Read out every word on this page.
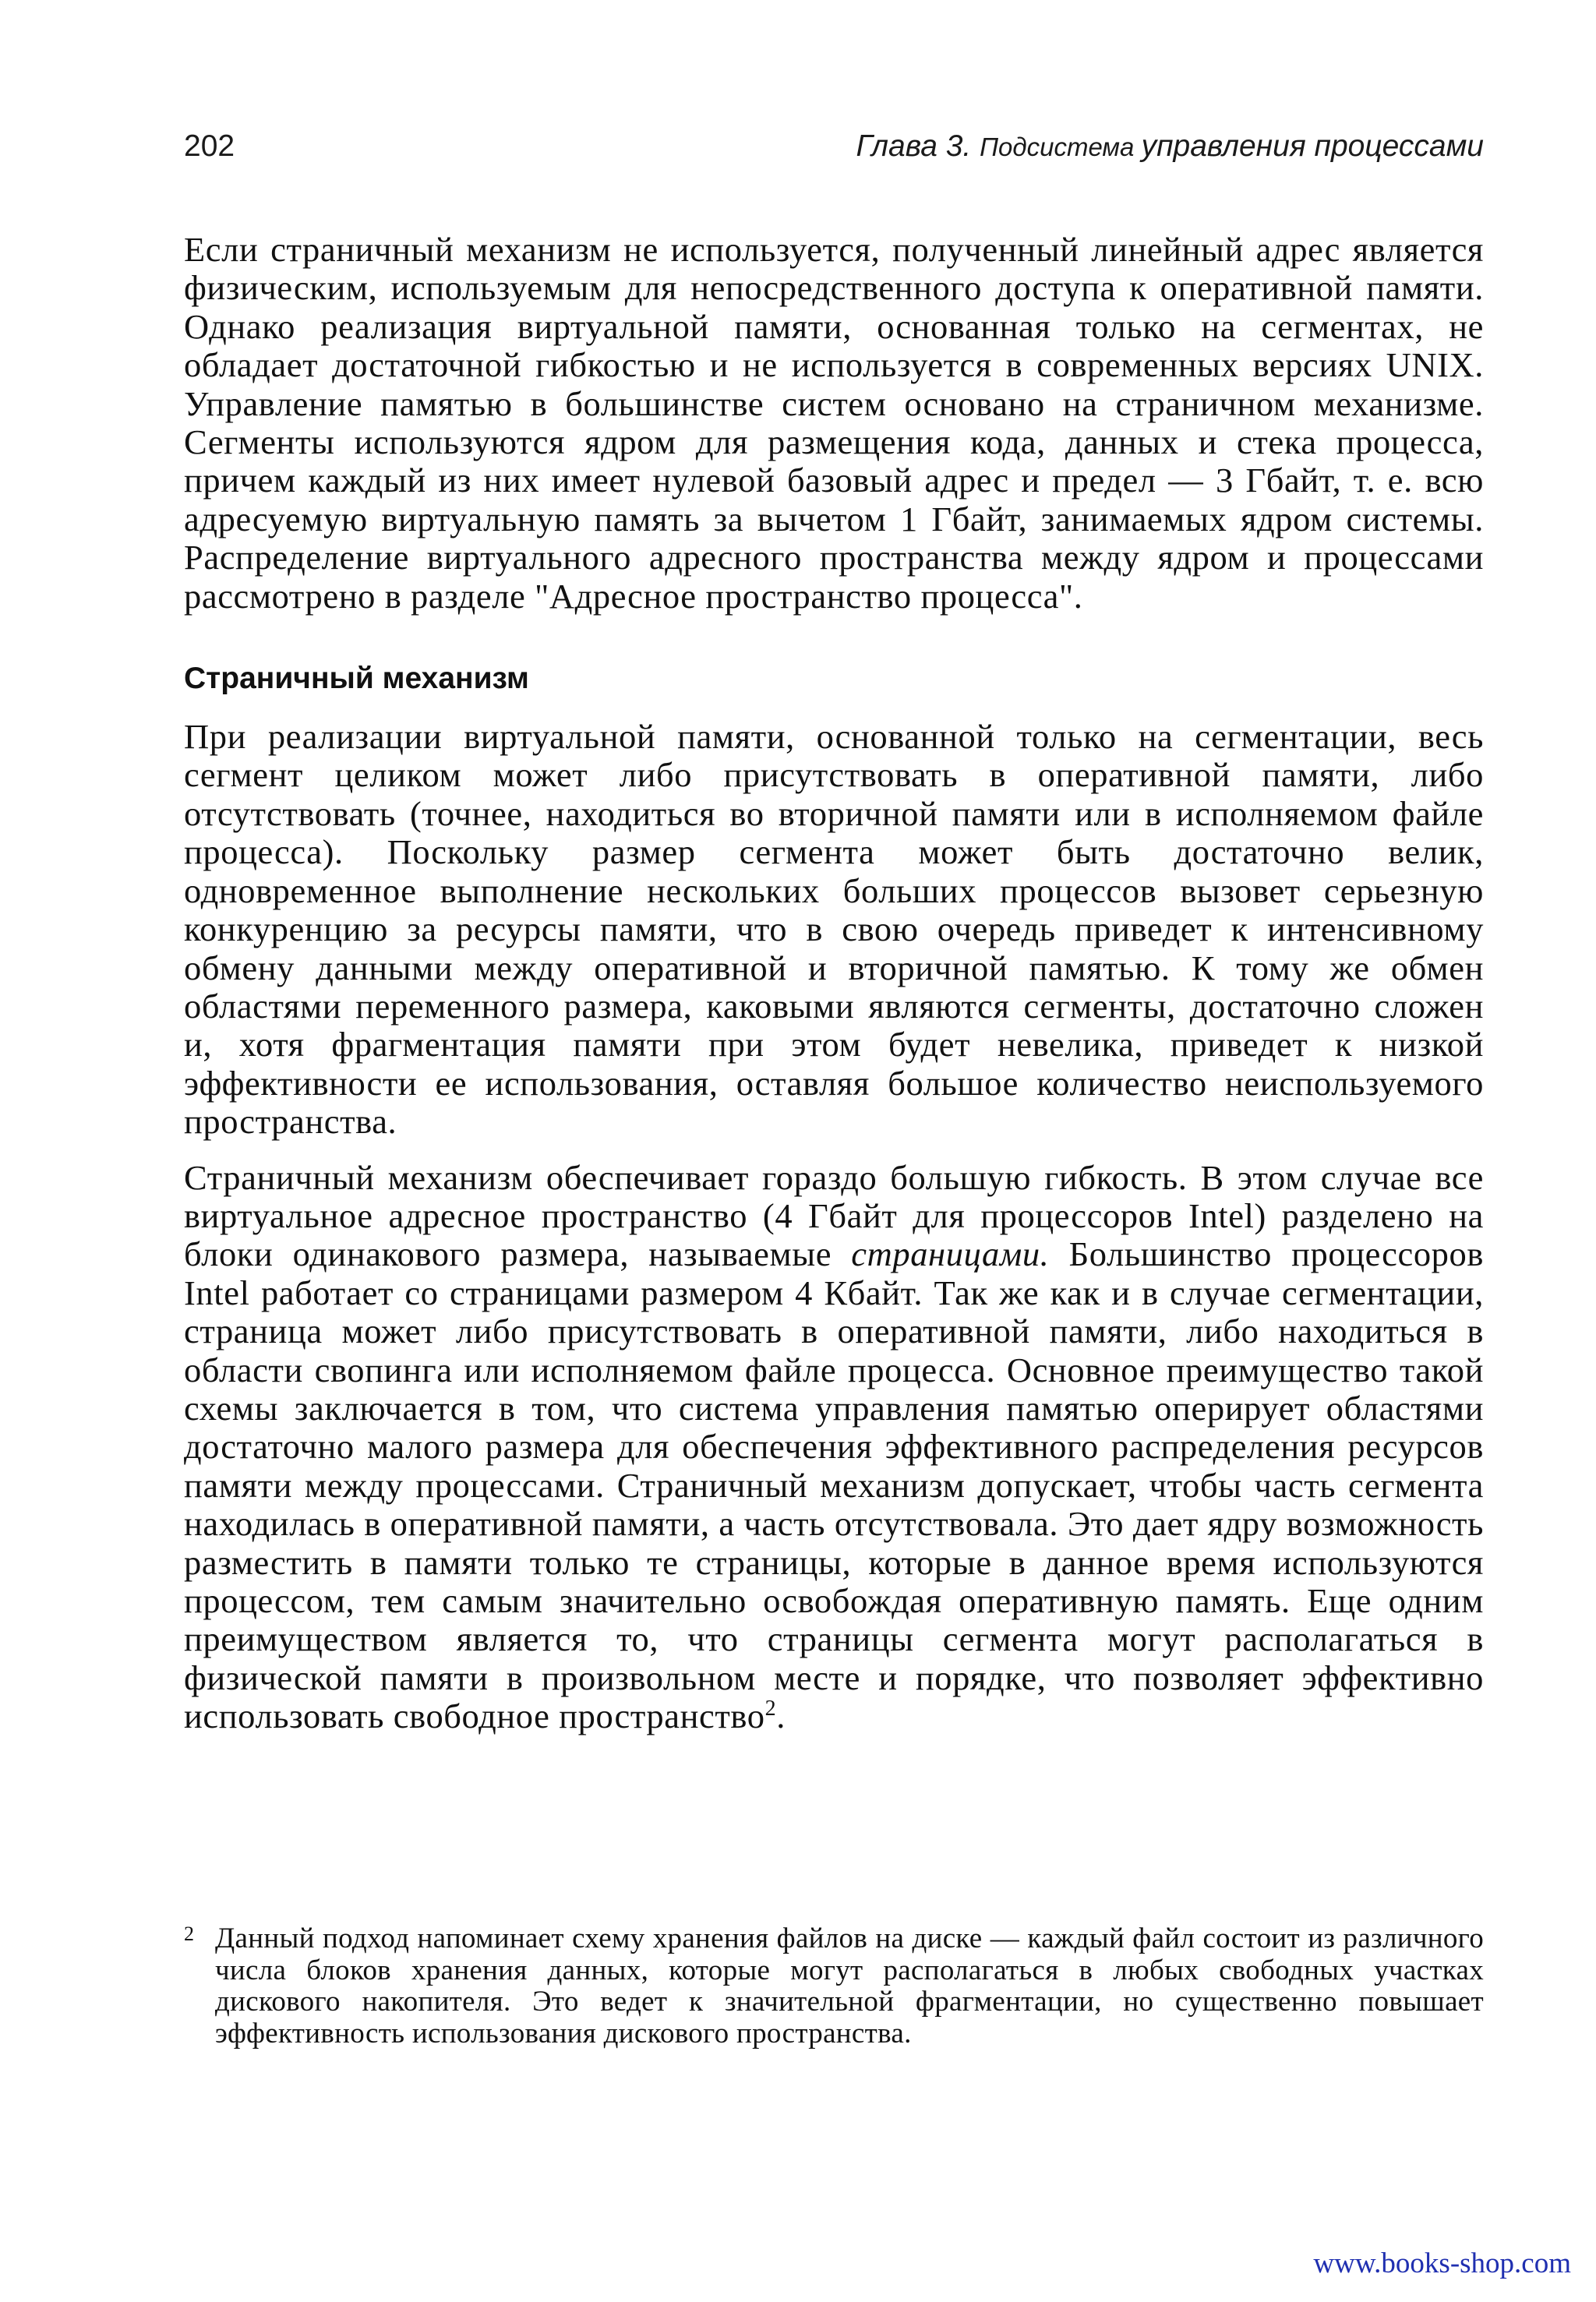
202	Глава 3. Подсистема управления процессами

Если страничный механизм не используется, полученный линейный адрес является физическим, используемым для непосредственного доступа к оперативной памяти. Однако реализация виртуальной памяти, основанная только на сегментах, не обладает достаточной гибкостью и не используется в современных версиях UNIX. Управление памятью в большинстве систем основано на страничном механизме. Сегменты используются ядром для размещения кода, данных и стека процесса, причем каждый из них имеет нулевой базовый адрес и предел — 3 Гбайт, т. е. всю адресуемую виртуальную память за вычетом 1 Гбайт, занимаемых ядром системы. Распределение виртуального адресного пространства между ядром и процессами рассмотрено в разделе "Адресное пространство процесса".

Страничный механизм

При реализации виртуальной памяти, основанной только на сегментации, весь сегмент целиком может либо присутствовать в оперативной памяти, либо отсутствовать (точнее, находиться во вторичной памяти или в исполняемом файле процесса). Поскольку размер сегмента может быть достаточно велик, одновременное выполнение нескольких больших процессов вызовет серьезную конкуренцию за ресурсы памяти, что в свою очередь приведет к интенсивному обмену данными между оперативной и вторичной памятью. К тому же обмен областями переменного размера, каковыми являются сегменты, достаточно сложен и, хотя фрагментация памяти при этом будет невелика, приведет к низкой эффективности ее использования, оставляя большое количество неиспользуемого пространства.

Страничный механизм обеспечивает гораздо большую гибкость. В этом случае все виртуальное адресное пространство (4 Гбайт для процессоров Intel) разделено на блоки одинакового размера, называемые страницами. Большинство процессоров Intel работает со страницами размером 4 Кбайт. Так же как и в случае сегментации, страница может либо присутствовать в оперативной памяти, либо находиться в области свопинга или исполняемом файле процесса. Основное преимущество такой схемы заключается в том, что система управления памятью оперирует областями достаточно малого размера для обеспечения эффективного распределения ресурсов памяти между процессами. Страничный механизм допускает, чтобы часть сегмента находилась в оперативной памяти, а часть отсутствовала. Это дает ядру возможность разместить в памяти только те страницы, которые в данное время используются процессом, тем самым значительно освобождая оперативную память. Еще одним преимуществом является то, что страницы сегмента могут располагаться в физической памяти в произвольном месте и порядке, что позволяет эффективно использовать свободное пространство$^2$.

2 Данный подход напоминает схему хранения файлов на диске — каждый файл состоит из различного числа блоков хранения данных, которые могут располагаться в любых свободных участках дискового накопителя. Это ведет к значительной фрагментации, но существенно повышает эффективность использования дискового пространства.
www.books-shop.com
